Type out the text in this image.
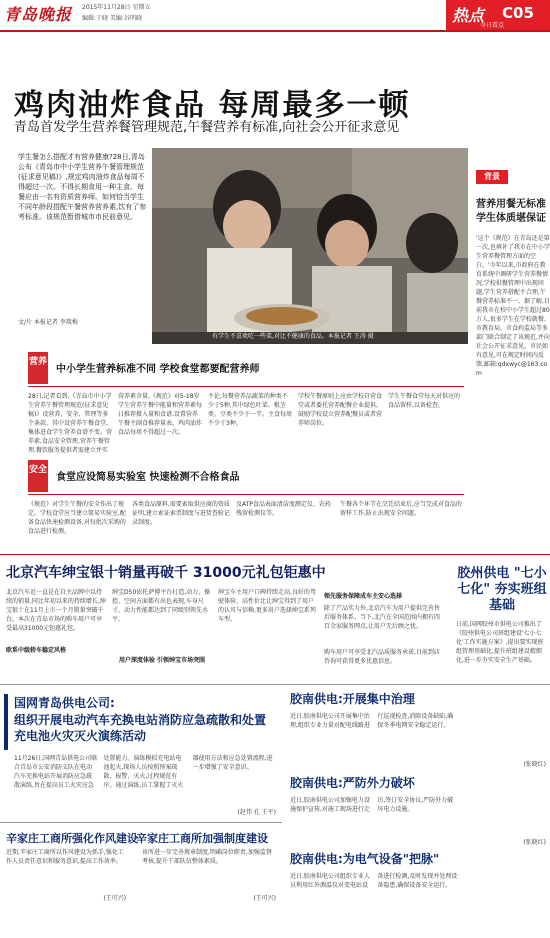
青岛晚报 2015年11月28日 星期五
编辑:于晓 美编:谷明晓	热点 C05
今日看点
鸡肉油炸食品 每周最多一顿
青岛首发学生营养餐管理规范,午餐营养有标准,向社会公开征求意见
学生餐怎么搭配才有营养健康?28日,青岛公布《青岛市中小学生营养午餐管理规范(征求意见稿)》,规定鸡肉油炸食品每周不得超过一次。不得长期食用一种主食。每餐应由一名有资质营养师。如何恰当学生不同年龄段搭配午餐营养营养素,饮有了参考标准。该规范暂借城市市民前意见。
文/片 本报记者 李琰梅
有学生不喜欢吃一些菜,对比不健康的食品。本报记者 王涛 摄
背景
营养用餐无标准 学生体质堪保证
'这个《规范》在青岛还是第一次,也填补了我市在中小学生营养餐管理方面的空白。'今年以来,市政府在教育系统中调研学生营养餐情况,学校供餐管理中出现问题,学生营养搭配不合理,午餐营养标准不一。据了解,目前我市在校中小学生超过80万人,很多学生在学校就餐。市教育局、市食药监局等多部门联合制定了该规范,并向社会公开征求意见。市民如有意见,可在规定时间内反馈,邮箱:qdxwyc@163.com
营养
中小学生营养标准不同 学校食堂都要配营养师
28日,记者看到,《青岛市中小学生营养午餐管理规范(征求意见稿)》设营养、安全、管理等多个条款。其中设营养午餐食堂,集体进食学生营养食谱不变。营养素,食品安全管理,营养午餐管理,餐饮服务提供者需建立并实
营养素含量,《规范》对5-18岁学生营养午餐中能量和营养素每日推荐摄入量和食谱,设置营养午餐主副食推荐量表。鸡肉油炸食品每周不得超过一次。
不论,每餐营养品蔬菜的种类不少于5种,其中绿色叶菜、根茎类、豆类不少于一半。主食每周不少于3种。
学校午餐原则上应由学校自营食堂或者委托营养配餐企业提供,鼓励学校设立营养配餐员或者营养师岗位。
学生午餐食堂每天对供应的食品留样,以备检查。
安全
食堂应设简易实验室 快速检测不合格食品
《规范》对学生午餐的安全作出了规定。学校食堂应当建立简易实验室,配备食品快速检测设备,对每批次采购的食品进行检测。
各类食品原料,需要索取供应商的资质证明,建立索证索票制度与进货查验记录制度。
及ATP食品表面清洁度测定仪、农药残留检测仪等。
午餐各个环节在烹饪结束后,应当完成对食品的留样工作,防止出现安全问题。
北京汽车绅宝银十销量再破千 31000元礼包钜惠中
北京汽车近一直是在自主品牌中以持续的销量,同比年初以来的持续增长,绅宝银十在11月上市一个月销量突破千台。本次在青岛市场的购车用户可享受最高31000元钜惠礼包。
欧系中级轿车稳定风格
绅宝D50依托萨博平台打造,动力、操控、空间方面都有出色表现,车身尺寸、动力性能都达到了同级别领先水平。
用户深度体验 引领绅宝市场突围
绅宝车主用户口碑持续走高,良好的驾驶体验、高性价比让绅宝得到了用户的认可与信赖,更多用户选择绅宝系列车型。
领先服务保障成车主安心选择
除了产品实力外,北京汽车为用户提供完善售后服务体系。当下,北汽在全国范围内拥有四百余家服务网点,让用户无后顾之忧。
购车用户可享受北汽品质服务承诺,目前到店咨询可获得更多优惠信息。
胶州供电 "七小七化" 夯实班组基础
日前,国网胶州市供电公司推出了《胶州供电公司班组建设'七小七化'工作实施方案》,提出要实现班组管理基础化,提升班组建设精细化,进一步夯实安全生产基础。
国网青岛供电公司:
组织开展电动汽车充换电站消防应急疏散和处置充电池火灾灭火演练活动
11月26日,国网青岛供电公司联合青岛市公安消防支队在电动汽车充换电站开展消防应急疏散演练,旨在提高员工火灾应急处置能力。演练模拟充电站电池起火,现场人员按照预案疏散、报警、灭火,过程规范有序。通过演练,员工掌握了灭火器使用方法和应急处置流程,进一步增强了安全意识。
(赵伟 孔 王平)
胶南供电:开展集中治理
近日,胶南供电公司开展集中治理,组织专业力量对配电线路进行巡视检查,消除设备缺陷,确保冬季电网安全稳定运行。
(张晓红)
胶南供电:严防外力破坏
近日,胶南供电公司加强电力设施保护宣传,对施工现场进行走访,签订安全协议,严防外力破坏电力设施。
(张晓红)
胶南供电:为电气设备"把脉"
近日,胶南供电公司组织专业人员利用红外测温仪对变电站设备进行检测,及时发现并处理设备隐患,确保设备安全运行。
辛家庄工商所强化作风建设
近期,辛家庄工商所以作风建设为抓手,强化工作人员责任意识和服务意识,提高工作效率。
(王可兴)
辛家庄工商所加强制度建设
该所进一步完善规章制度,明确岗位职责,加强监督考核,提升干部队伍整体素质。
(王可兴)
